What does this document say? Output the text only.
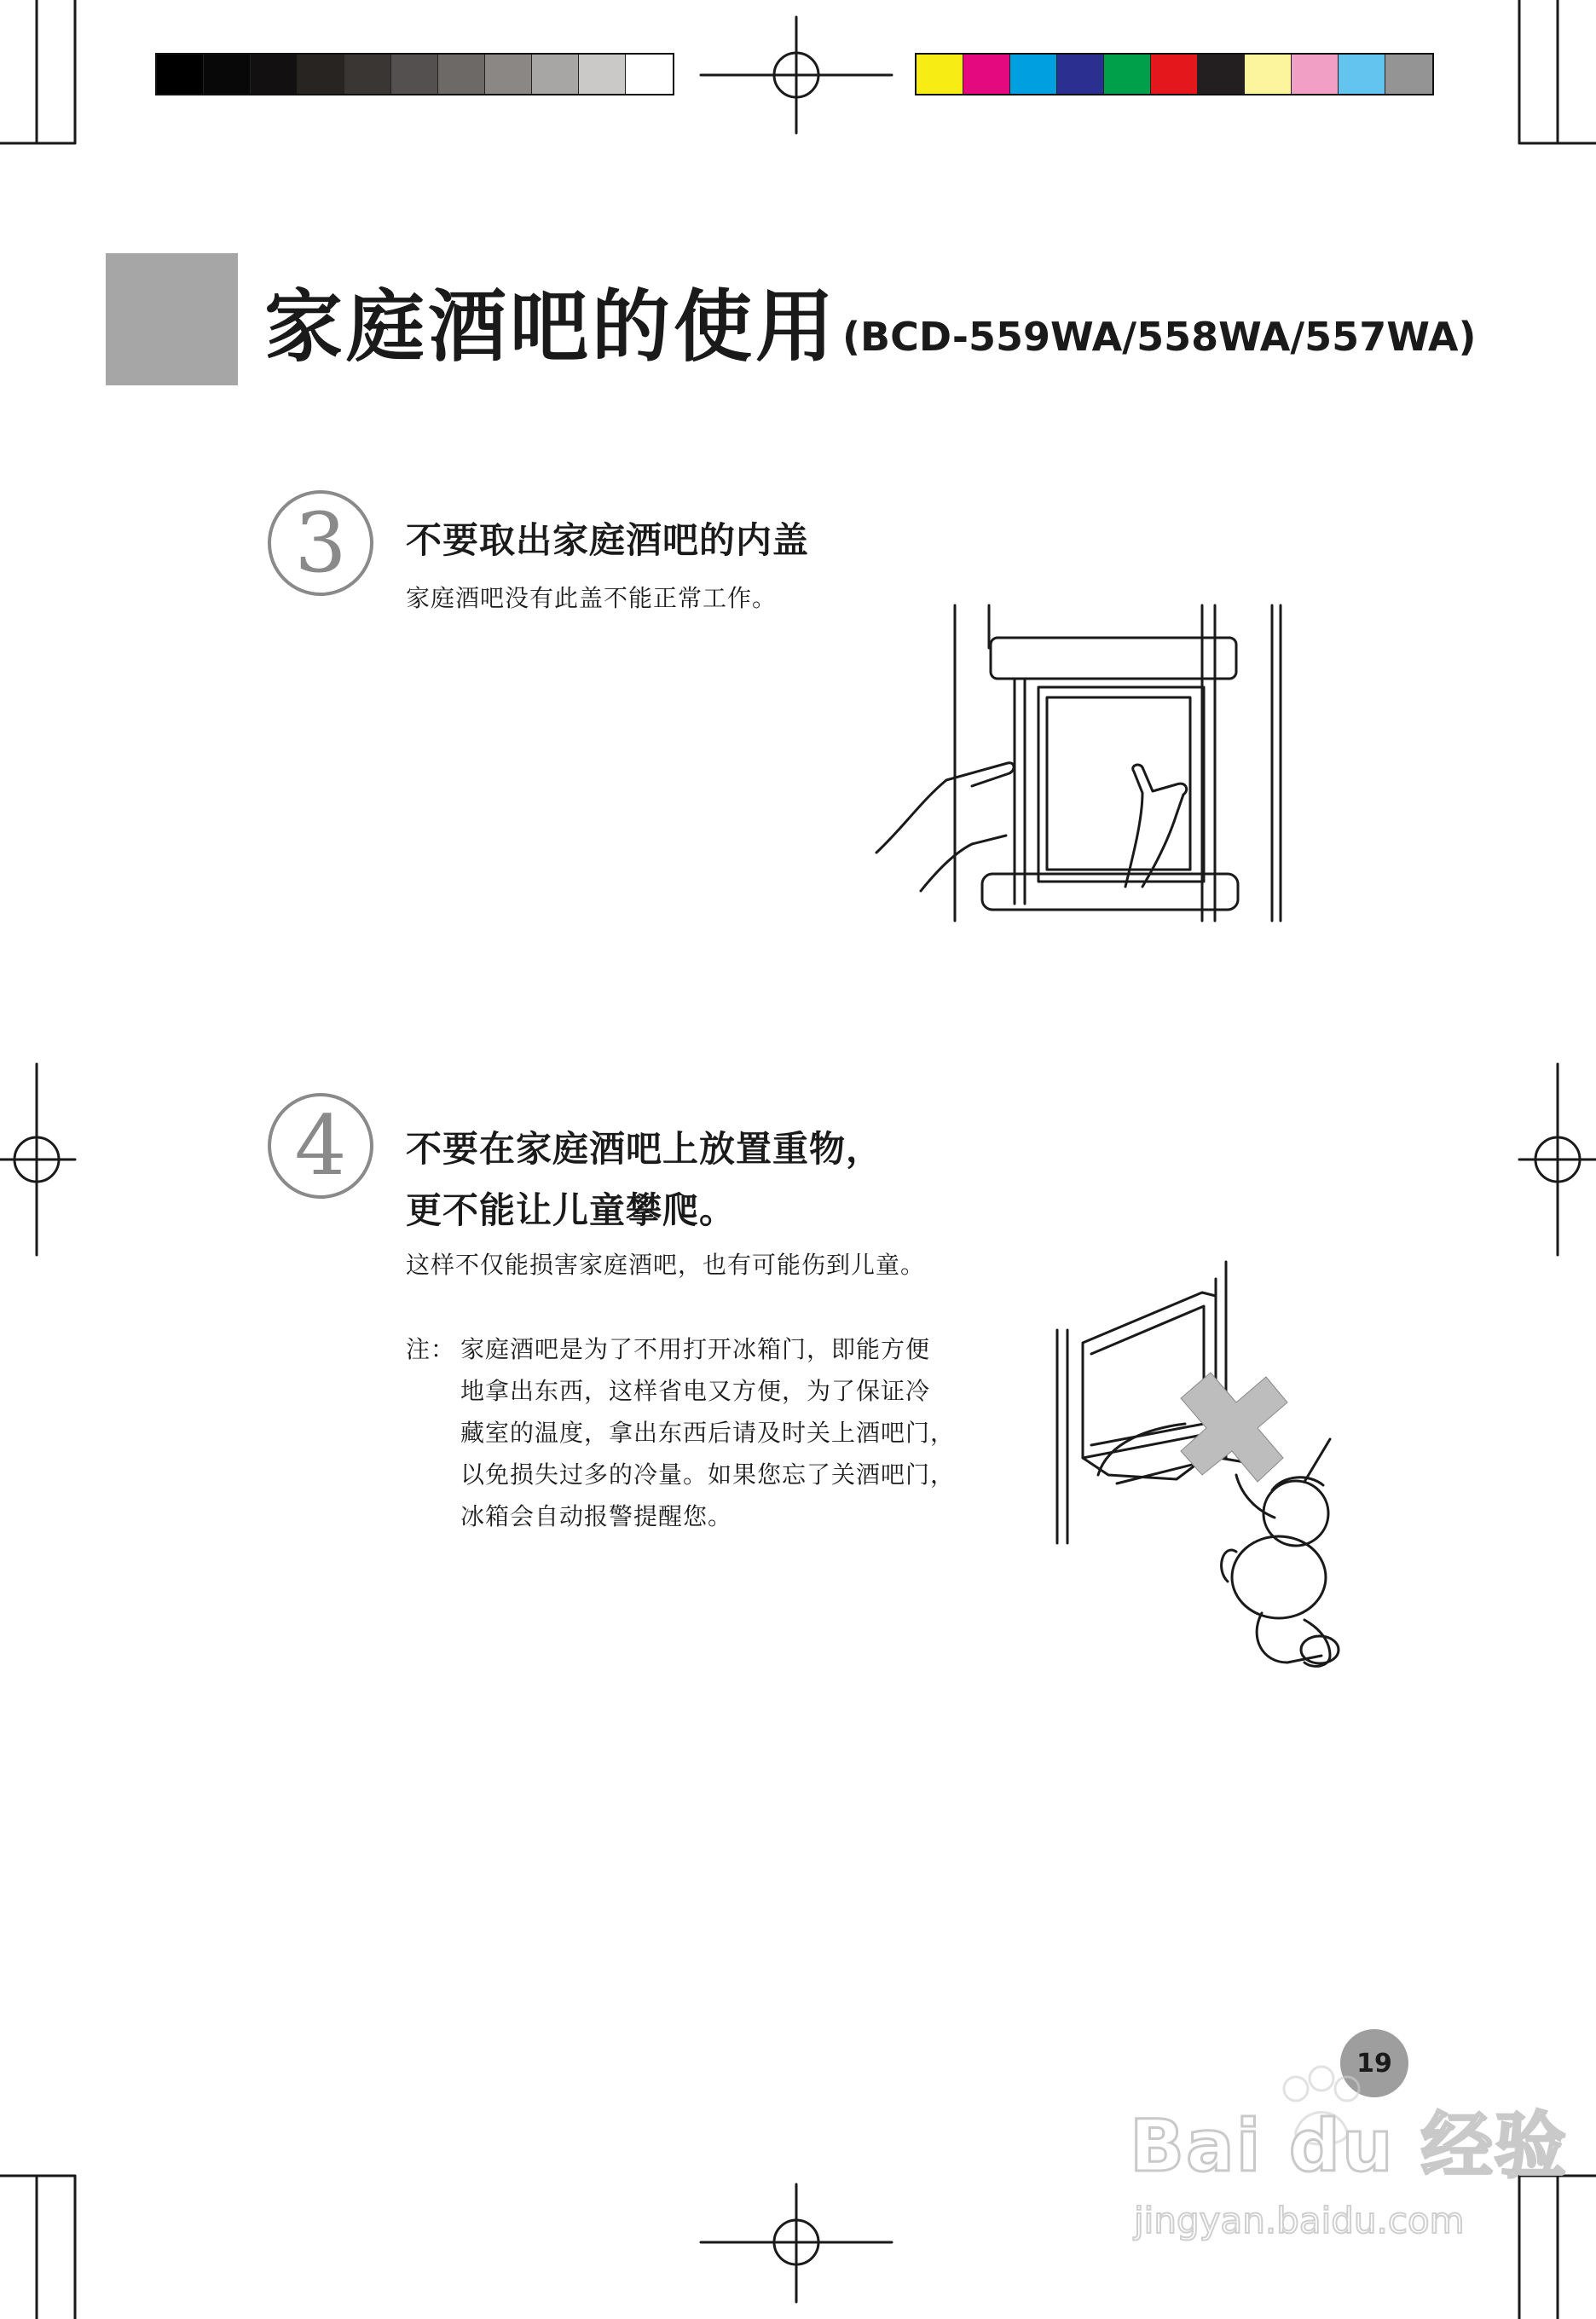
家庭酒吧的使用 (BCD-559WA/558WA/557WA)
3	不要取出家庭酒吧的内盖
家庭酒吧没有此盖不能正常工作。
4	不要在家庭酒吧上放置重物，
更不能让儿童攀爬。
这样不仅能损害家庭酒吧，也有可能伤到儿童。
注： 家庭酒吧是为了不用打开冰箱门，即能方便
地拿出东西，这样省电又方便，为了保证冷
藏室的温度，拿出东西后请及时关上酒吧门，
以免损失过多的冷量。如果您忘了关酒吧门，
冰箱会自动报警提醒您。
19
Bai du 经验
jingyan.baidu.com
